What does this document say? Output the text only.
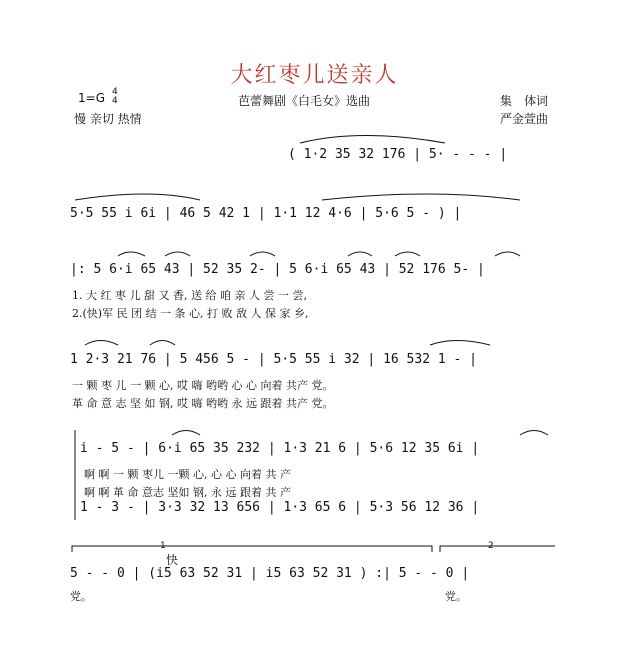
大红枣儿送亲人
1=G 4
4
慢 亲切 热情
芭蕾舞剧《白毛女》选曲	集　体词
严金萱曲
( 1·2 35 32 176 | 5· - - - |
5·5 55 i 6i | 46 5 42 1 | 1·1 12 4·6 | 5·6 5 - ) |
|: 5 6·i 65 43 | 52 35 2- | 5 6·i 65 43 | 52 176 5- |
1. 大 红 枣 儿 甜 又 香, 送 给 咱 亲 人 尝 一 尝,
2.(快)军 民 团 结 一 条 心, 打 败 敌 人 保 家 乡,
1 2·3 21 76 | 5 456 5 - | 5·5 55 i 32 | 16 532 1 - |
一 颗 枣 儿 一 颗 心, 哎 嗨 哟哟 心 心 向着 共产 党。
革 命 意 志 坚 如 钢, 哎 嗨 哟哟 永 远 跟着 共产 党。
i - 5 - | 6·i 65 35 232 | 1·3 21 6 | 5·6 12 35 6i |
啊 啊 一 颗 枣儿 一颗 心, 心 心 向着 共 产
啊 啊 革 命 意志 坚如 钢, 永 远 跟着 共 产
1 - 3 - | 3·3 32 13 656 | 1·3 65 6 | 5·3 56 12 36 |
1
快
2
5 - - 0 | (i5 63 52 31 | i5 63 52 31 ) :| 5 - - 0 |
党。	党。
